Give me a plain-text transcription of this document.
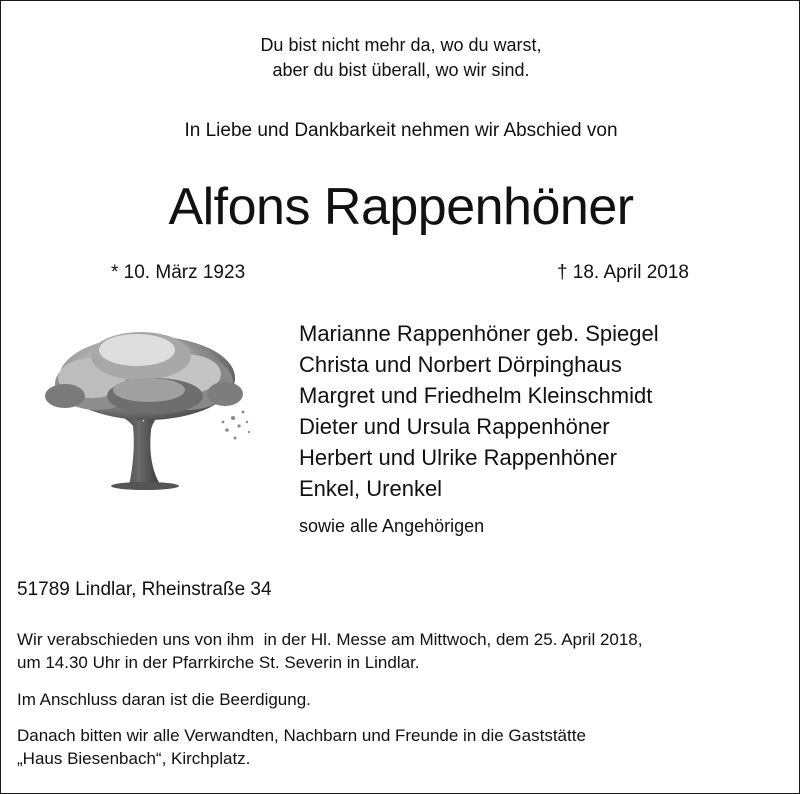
Du bist nicht mehr da, wo du warst,
aber du bist überall, wo wir sind.
In Liebe und Dankbarkeit nehmen wir Abschied von
Alfons Rappenhöner
* 10. März 1923	† 18. April 2018
Marianne Rappenhöner geb. Spiegel
Christa und Norbert Dörpinghaus
Margret und Friedhelm Kleinschmidt
Dieter und Ursula Rappenhöner
Herbert und Ulrike Rappenhöner
Enkel, Urenkel
sowie alle Angehörigen
51789 Lindlar, Rheinstraße 34
Wir verabschieden uns von ihm  in der Hl. Messe am Mittwoch, dem 25. April 2018,
um 14.30 Uhr in der Pfarrkirche St. Severin in Lindlar.
Im Anschluss daran ist die Beerdigung.
Danach bitten wir alle Verwandten, Nachbarn und Freunde in die Gaststätte
„Haus Biesenbach“, Kirchplatz.
